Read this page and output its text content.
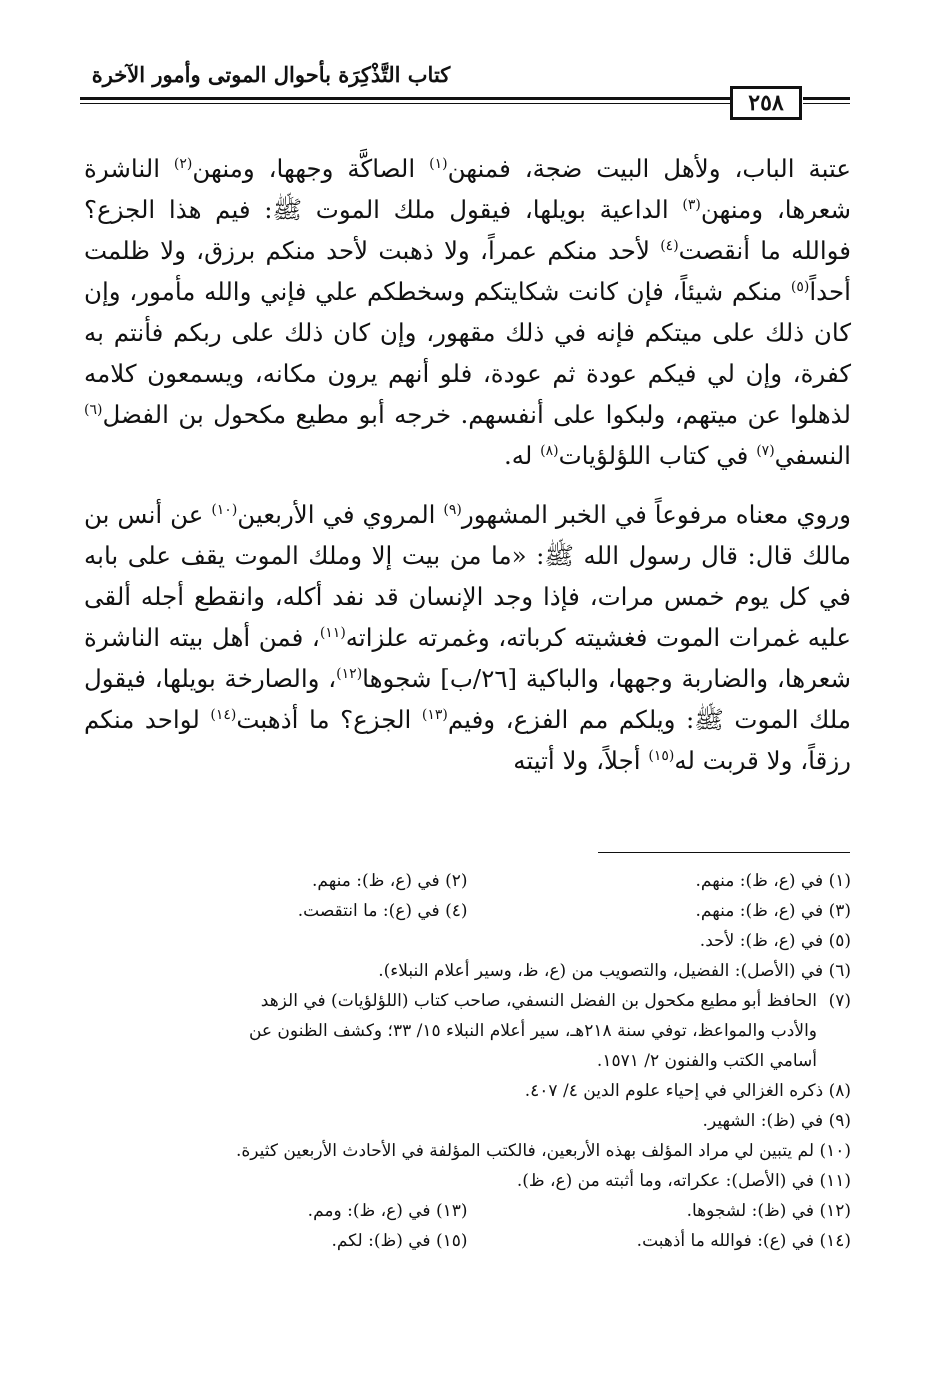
كتاب التَّذْكِرَة بأحوال الموتى وأمور الآخرة
٢٥٨

عتبة الباب، ولأهل البيت ضجة، فمنهن$^{(١)}$ الصاكَّة وجهها، ومنهن$^{(٢)}$ الناشرة شعرها، ومنهن$^{(٣)}$ الداعية بويلها، فيقول ملك الموت ﷺ: فيم هذا الجزع؟ فوالله ما أنقصت$^{(٤)}$ لأحد منكم عمراً، ولا ذهبت لأحد منكم برزق، ولا ظلمت أحداً$^{(٥)}$ منكم شيئاً، فإن كانت شكايتكم وسخطكم علي فإني والله مأمور، وإن كان ذلك على ميتكم فإنه في ذلك مقهور، وإن كان ذلك على ربكم فأنتم به كفرة، وإن لي فيكم عودة ثم عودة، فلو أنهم يرون مكانه، ويسمعون كلامه لذهلوا عن ميتهم، ولبكوا على أنفسهم. خرجه أبو مطيع مكحول بن الفضل$^{(٦)}$ النسفي$^{(٧)}$ في كتاب اللؤلؤيات$^{(٨)}$ له.

وروي معناه مرفوعاً في الخبر المشهور$^{(٩)}$ المروي في الأربعين$^{(١٠)}$ عن أنس بن مالك قال: قال رسول الله ﷺ: «ما من بيت إلا وملك الموت يقف على بابه في كل يوم خمس مرات، فإذا وجد الإنسان قد نفد أكله، وانقطع أجله ألقى عليه غمرات الموت فغشيته كرباته، وغمرته علزاته$^{(١١)}$، فمن أهل بيته الناشرة شعرها، والضاربة وجهها، والباكية [٢٦/ب] شجوها$^{(١٢)}$، والصارخة بويلها، فيقول ملك الموت ﷺ: ويلكم مم الفزع، وفيم$^{(١٣)}$ الجزع؟ ما أذهبت$^{(١٤)}$ لواحد منكم رزقاً، ولا قربت له$^{(١٥)}$ أجلاً، ولا أتيته

(١) في (ع، ظ): منهم.
(٢) في (ع، ظ): منهم.
(٣) في (ع، ظ): منهم.
(٤) في (ع): ما انتقصت.
(٥) في (ع، ظ): لأحد.
(٦) في (الأصل): الفضيل، والتصويب من (ع، ظ، وسير أعلام النبلاء).
(٧)
الحافظ أبو مطيع مكحول بن الفضل النسفي، صاحب كتاب (اللؤلؤيات) في الزهد
والأدب والمواعظ، توفي سنة ٢١٨هـ، سير أعلام النبلاء ١٥/ ٣٣؛ وكشف الظنون عن
أسامي الكتب والفنون ٢/ ١٥٧١.
(٨) ذكره الغزالي في إحياء علوم الدين ٤/ ٤٠٧.
(٩) في (ظ): الشهير.
(١٠) لم يتبين لي مراد المؤلف بهذه الأربعين، فالكتب المؤلفة في الأحادث الأربعين كثيرة.
(١١) في (الأصل): عكراته، وما أثبته من (ع، ظ).
(١٢) في (ظ): لشجوها.
(١٣) في (ع، ظ): ومم.
(١٤) في (ع): فوالله ما أذهبت.
(١٥) في (ظ): لكم.
